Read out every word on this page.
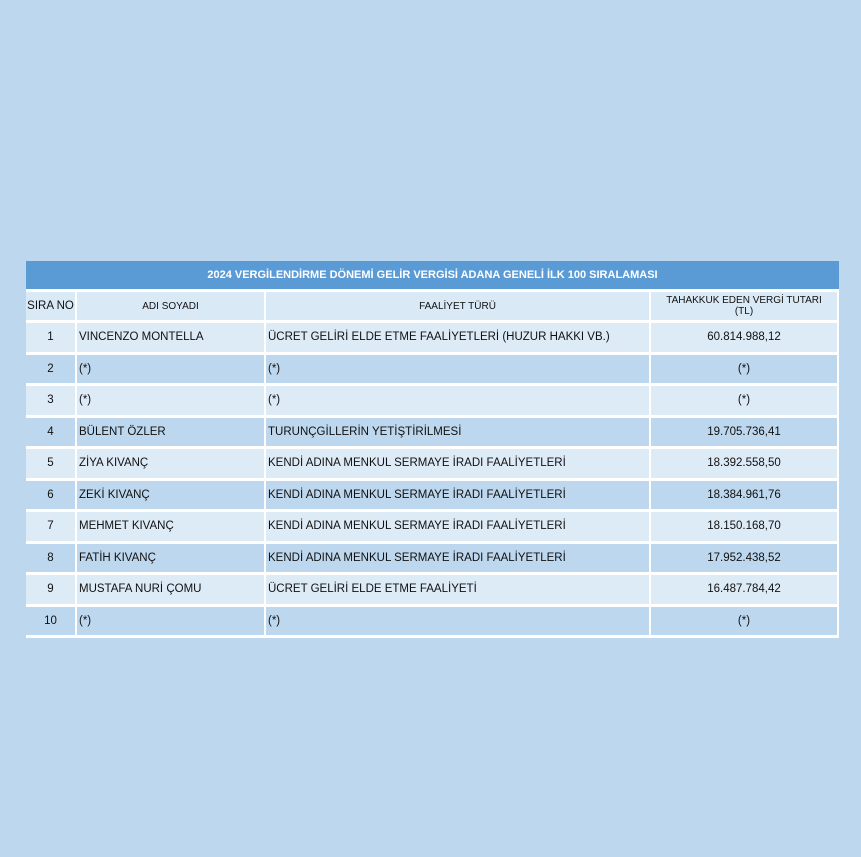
2024 VERGİLENDİRME DÖNEMİ GELİR VERGİSİ ADANA GENELİ İLK 100 SIRALAMASI
SIRA NO	ADI SOYADI	FAALİYET TÜRÜ	TAHAKKUK EDEN VERGİ TUTARI
(TL)
1	VINCENZO MONTELLA	ÜCRET GELİRİ ELDE ETME FAALİYETLERİ (HUZUR HAKKI VB.)	60.814.988,12
2	(*)	(*)	(*)
3	(*)	(*)	(*)
4	BÜLENT ÖZLER	TURUNÇGİLLERİN YETİŞTİRİLMESİ	19.705.736,41
5	ZİYA KIVANÇ	KENDİ ADINA MENKUL SERMAYE İRADI FAALİYETLERİ	18.392.558,50
6	ZEKİ KIVANÇ	KENDİ ADINA MENKUL SERMAYE İRADI FAALİYETLERİ	18.384.961,76
7	MEHMET KIVANÇ	KENDİ ADINA MENKUL SERMAYE İRADI FAALİYETLERİ	18.150.168,70
8	FATİH KIVANÇ	KENDİ ADINA MENKUL SERMAYE İRADI FAALİYETLERİ	17.952.438,52
9	MUSTAFA NURİ ÇOMU	ÜCRET GELİRİ ELDE ETME FAALİYETİ	16.487.784,42
10	(*)	(*)	(*)
